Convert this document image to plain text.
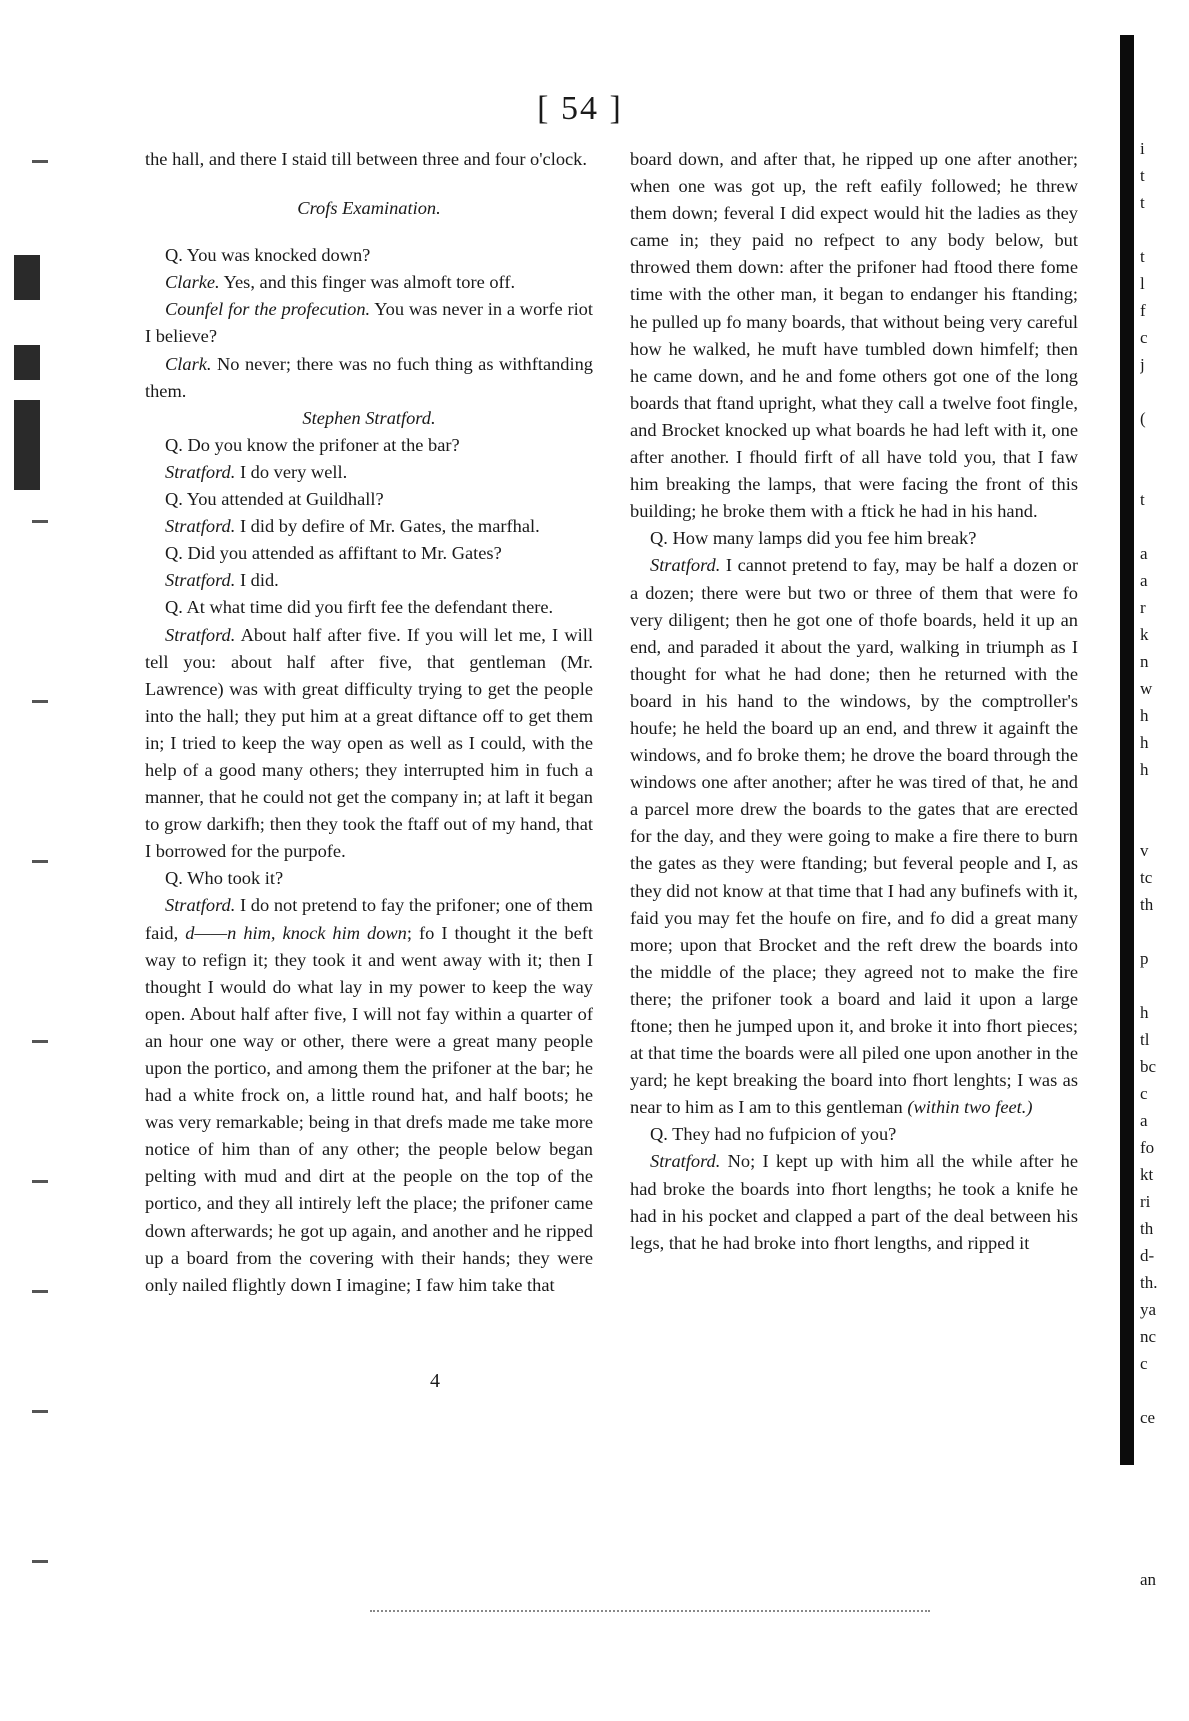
[ 54 ]

the hall, and there I staid till between three and four o'clock.

Crofs Examination.

Q. You was knocked down?

Clarke. Yes, and this finger was almoft tore off.

Counfel for the profecution. You was never in a worfe riot I believe?

Clark. No never; there was no fuch thing as withftanding them.

Stephen Stratford.

Q. Do you know the prifoner at the bar?

Stratford. I do very well.

Q. You attended at Guildhall?

Stratford. I did by defire of Mr. Gates, the marfhal.

Q. Did you attended as affiftant to Mr. Gates?

Stratford. I did.

Q. At what time did you firft fee the defendant there.

Stratford. About half after five. If you will let me, I will tell you: about half after five, that gentleman (Mr. Lawrence) was with great difficulty trying to get the people into the hall; they put him at a great diftance off to get them in; I tried to keep the way open as well as I could, with the help of a good many others; they interrupted him in fuch a manner, that he could not get the company in; at laft it began to grow darkifh; then they took the ftaff out of my hand, that I borrowed for the purpofe.

Q. Who took it?

Stratford. I do not pretend to fay the prifoner; one of them faid, d——n him, knock him down; fo I thought it the beft way to refign it; they took it and went away with it; then I thought I would do what lay in my power to keep the way open. About half after five, I will not fay within a quarter of an hour one way or other, there were a great many people upon the portico, and among them the prifoner at the bar; he had a white frock on, a little round hat, and half boots; he was very remarkable; being in that drefs made me take more notice of him than of any other; the people below began pelting with mud and dirt at the people on the top of the portico, and they all intirely left the place; the prifoner came down afterwards; he got up again, and another and he ripped up a board from the covering with their hands; they were only nailed flightly down I imagine; I faw him take that

board down, and after that, he ripped up one after another; when one was got up, the reft eafily followed; he threw them down; feveral I did expect would hit the ladies as they came in; they paid no refpect to any body below, but throwed them down: after the prifoner had ftood there fome time with the other man, it began to endanger his ftanding; he pulled up fo many boards, that without being very careful how he walked, he muft have tumbled down himfelf; then he came down, and he and fome others got one of the long boards that ftand upright, what they call a twelve foot fingle, and Brocket knocked up what boards he had left with it, one after another. I fhould firft of all have told you, that I faw him breaking the lamps, that were facing the front of this building; he broke them with a ftick he had in his hand.

Q. How many lamps did you fee him break?

Stratford. I cannot pretend to fay, may be half a dozen or a dozen; there were but two or three of them that were fo very diligent; then he got one of thofe boards, held it up an end, and paraded it about the yard, walking in triumph as I thought for what he had done; then he returned with the board in his hand to the windows, by the comptroller's houfe; he held the board up an end, and threw it againft the windows, and fo broke them; he drove the board through the windows one after another; after he was tired of that, he and a parcel more drew the boards to the gates that are erected for the day, and they were going to make a fire there to burn the gates as they were ftanding; but feveral people and I, as they did not know at that time that I had any bufinefs with it, faid you may fet the houfe on fire, and fo did a great many more; upon that Brocket and the reft drew the boards into the middle of the place; they agreed not to make the fire there; the prifoner took a board and laid it upon a large ftone; then he jumped upon it, and broke it into fhort pieces; at that time the boards were all piled one upon another in the yard; he kept breaking the board into fhort lenghts; I was as near to him as I am to this gentleman (within two feet.)

Q. They had no fufpicion of you?

Stratford. No; I kept up with him all the while after he had broke the boards into fhort lengths; he took a knife he had in his pocket and clapped a part of the deal between his legs, that he had broke into fhort lengths, and ripped it

4
i
t
t
t
l
f
c
j
(
t
a
a
r
k
n
w
h
h
h
v
tc
th
p
h
tl
bc
c
a
fo
kt
ri
th
d-
th.
ya
nc
c
ce
an
